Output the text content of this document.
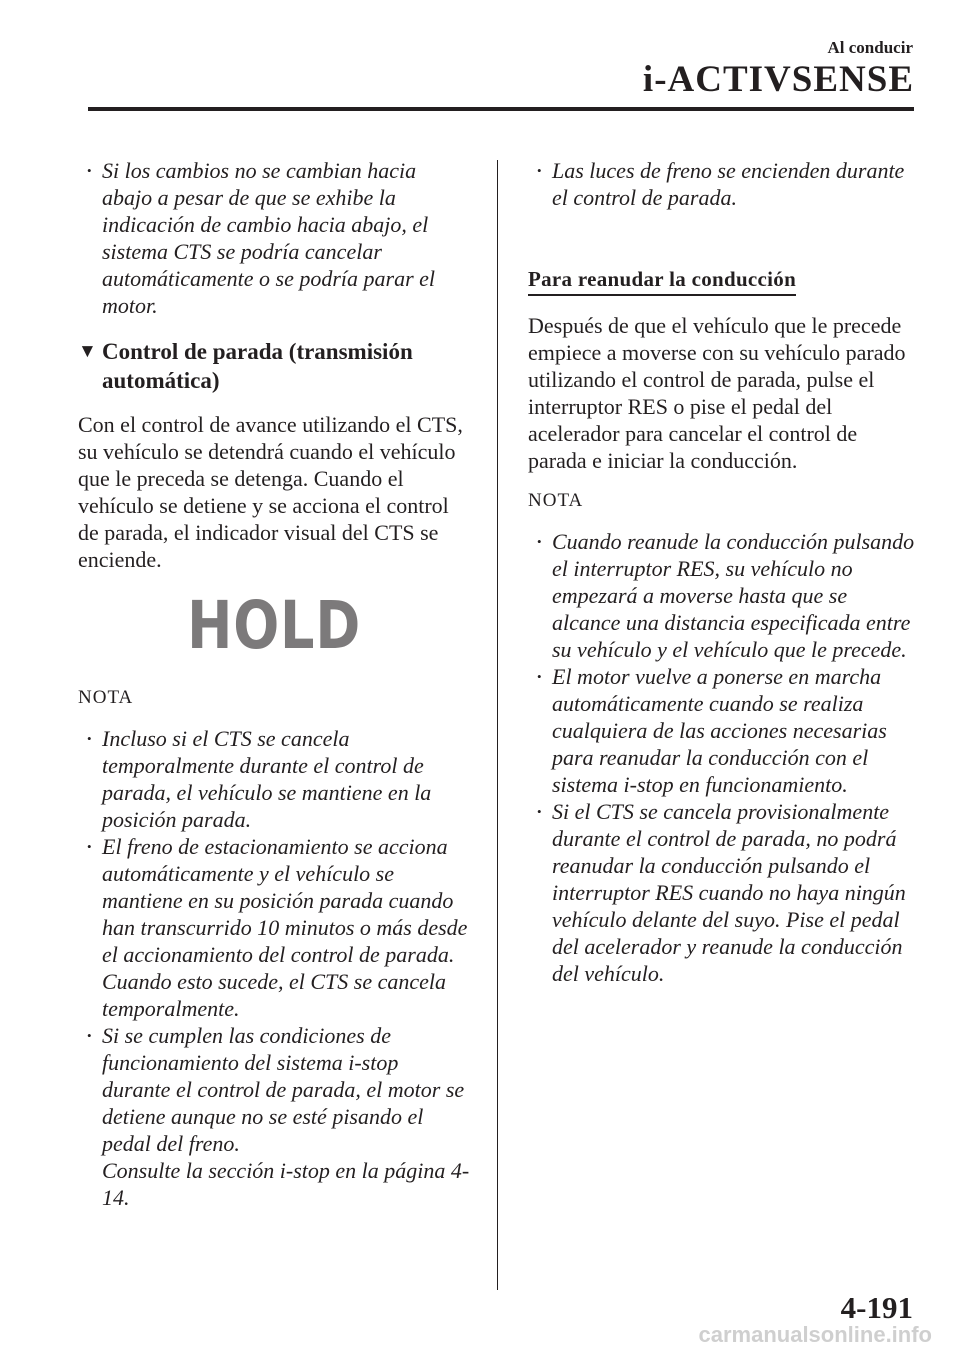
Al conducir
i-ACTIVSENSE
• Si los cambios no se cambian hacia abajo a pesar de que se exhibe la indicación de cambio hacia abajo, el sistema CTS se podría cancelar automáticamente o se podría parar el motor.
▼ Control de parada (transmisión automática)
Con el control de avance utilizando el CTS, su vehículo se detendrá cuando el vehículo que le preceda se detenga. Cuando el vehículo se detiene y se acciona el control de parada, el indicador visual del CTS se enciende.
HOLD
NOTA
• Incluso si el CTS se cancela temporalmente durante el control de parada, el vehículo se mantiene en la posición parada.
• El freno de estacionamiento se acciona automáticamente y el vehículo se mantiene en su posición parada cuando han transcurrido 10 minutos o más desde el accionamiento del control de parada. Cuando esto sucede, el CTS se cancela temporalmente.
• Si se cumplen las condiciones de funcionamiento del sistema i-stop durante el control de parada, el motor se detiene aunque no se esté pisando el pedal del freno.
Consulte la sección i-stop en la página 4-14.
• Las luces de freno se encienden durante el control de parada.
Para reanudar la conducción
Después de que el vehículo que le precede empiece a moverse con su vehículo parado utilizando el control de parada, pulse el interruptor RES o pise el pedal del acelerador para cancelar el control de parada e iniciar la conducción.
NOTA
• Cuando reanude la conducción pulsando el interruptor RES, su vehículo no empezará a moverse hasta que se alcance una distancia especificada entre su vehículo y el vehículo que le precede.
• El motor vuelve a ponerse en marcha automáticamente cuando se realiza cualquiera de las acciones necesarias para reanudar la conducción con el sistema i-stop en funcionamiento.
• Si el CTS se cancela provisionalmente durante el control de parada, no podrá reanudar la conducción pulsando el interruptor RES cuando no haya ningún vehículo delante del suyo. Pise el pedal del acelerador y reanude la conducción del vehículo.
4-191
carmanualsonline.info
